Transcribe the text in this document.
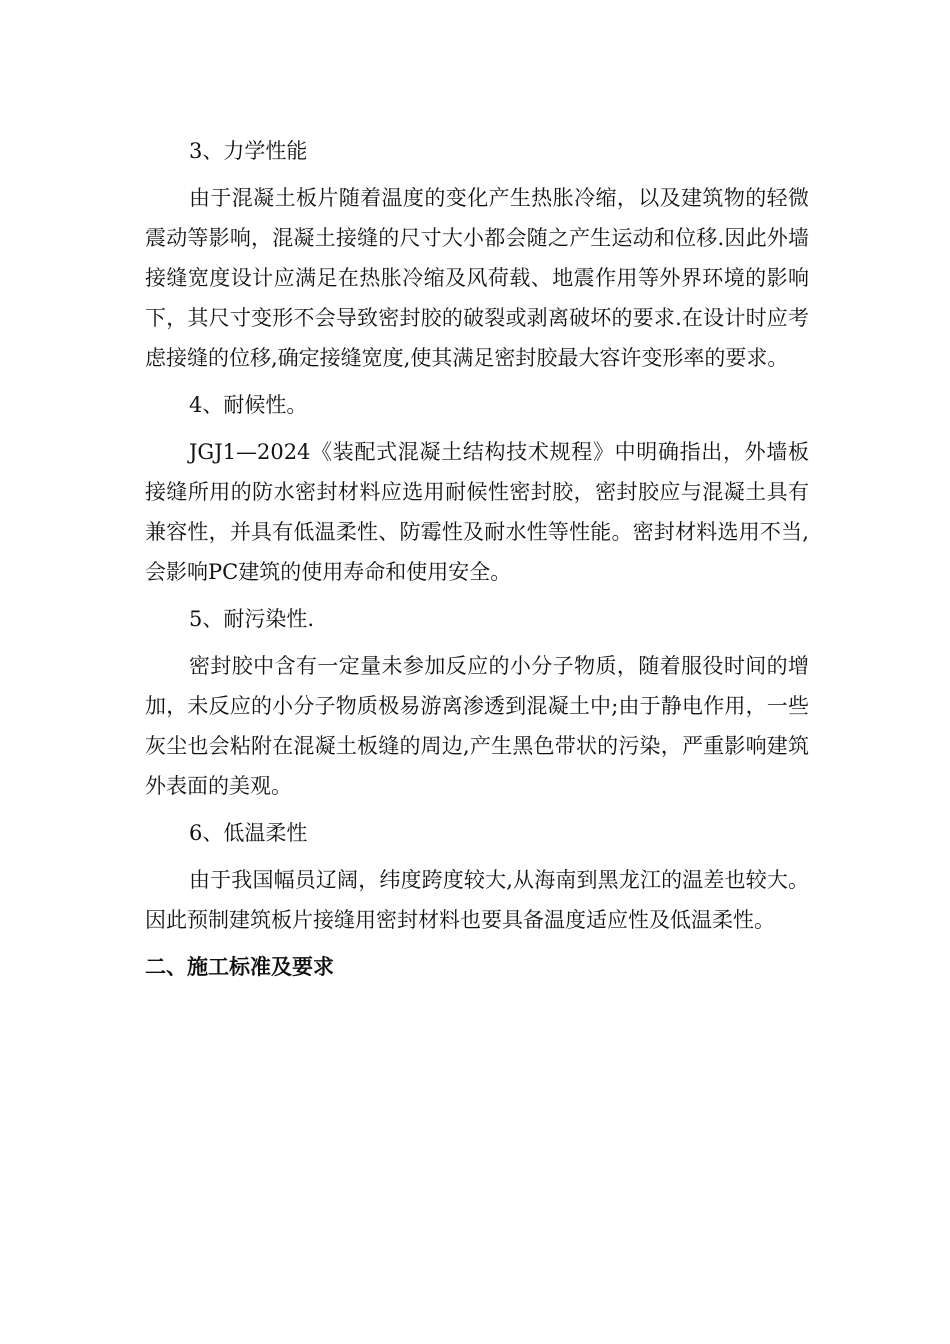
3、力学性能
由于混凝土板片随着温度的变化产生热胀冷缩，以及建筑物的轻微震动等影响，混凝土接缝的尺寸大小都会随之产生运动和位移.因此外墙接缝宽度设计应满足在热胀冷缩及风荷载、地震作用等外界环境的影响下，其尺寸变形不会导致密封胶的破裂或剥离破坏的要求.在设计时应考虑接缝的位移,确定接缝宽度,使其满足密封胶最大容许变形率的要求。
4、耐候性。
JGJ1—2024《装配式混凝土结构技术规程》中明确指出，外墙板接缝所用的防水密封材料应选用耐候性密封胶，密封胶应与混凝土具有兼容性，并具有低温柔性、防霉性及耐水性等性能。密封材料选用不当,会影响PC建筑的使用寿命和使用安全。
5、耐污染性.
密封胶中含有一定量未参加反应的小分子物质，随着服役时间的增加，未反应的小分子物质极易游离渗透到混凝土中;由于静电作用，一些灰尘也会粘附在混凝土板缝的周边,产生黑色带状的污染，严重影响建筑外表面的美观。
6、低温柔性
由于我国幅员辽阔，纬度跨度较大,从海南到黑龙江的温差也较大。因此预制建筑板片接缝用密封材料也要具备温度适应性及低温柔性。
二、施工标准及要求
